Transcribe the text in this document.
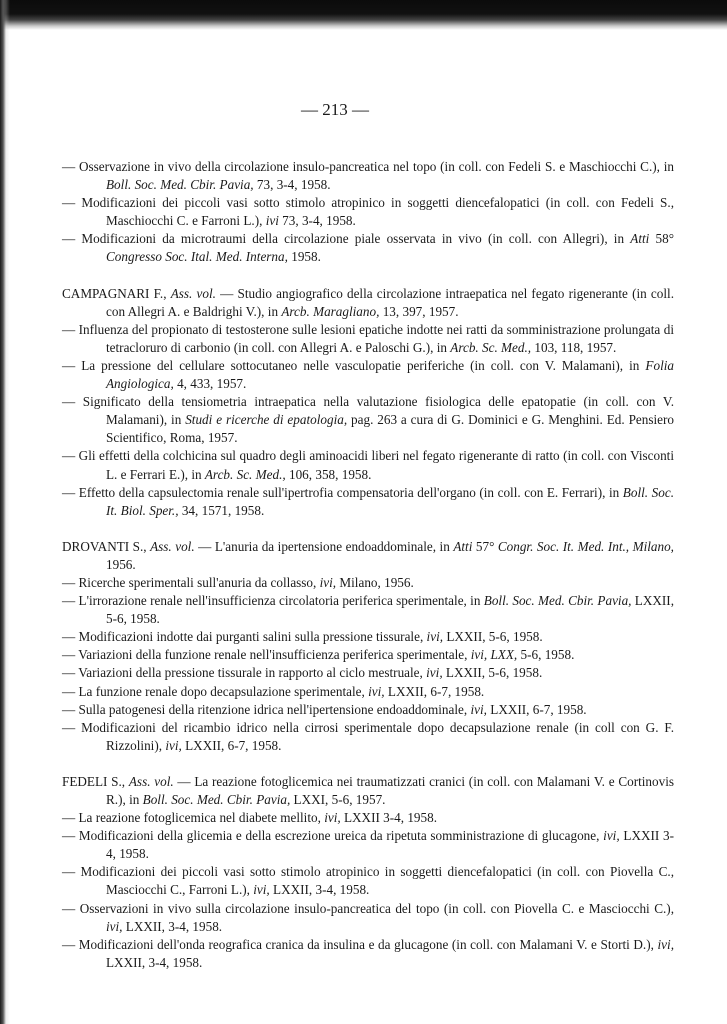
— 213 —
— Osservazione in vivo della circolazione insulo-pancreatica nel topo (in coll. con Fedeli S. e Maschiocchi C.), in Boll. Soc. Med. Cbir. Pavia, 73, 3-4, 1958.
— Modificazioni dei piccoli vasi sotto stimolo atropinico in soggetti diencefalopatici (in coll. con Fedeli S., Maschiocchi C. e Farroni L.), ivi 73, 3-4, 1958.
— Modificazioni da microtraumi della circolazione piale osservata in vivo (in coll. con Allegri), in Atti 58° Congresso Soc. Ital. Med. Interna, 1958.
CAMPAGNARI F., Ass. vol. — Studio angiografico della circolazione intraepatica nel fegato rigenerante (in coll. con Allegri A. e Baldrighi V.), in Arcb. Maragliano, 13, 397, 1957.
— Influenza del propionato di testosterone sulle lesioni epatiche indotte nei ratti da somministrazione prolungata di tetracloruro di carbonio (in coll. con Allegri A. e Paloschi G.), in Arcb. Sc. Med., 103, 118, 1957.
— La pressione del cellulare sottocutaneo nelle vasculopatie periferiche (in coll. con V. Malamani), in Folia Angiologica, 4, 433, 1957.
— Significato della tensiometria intraepatica nella valutazione fisiologica delle epatopatie (in coll. con V. Malamani), in Studi e ricerche di epatologia, pag. 263 a cura di G. Dominici e G. Menghini. Ed. Pensiero Scientifico, Roma, 1957.
— Gli effetti della colchicina sul quadro degli aminoacidi liberi nel fegato rigenerante di ratto (in coll. con Visconti L. e Ferrari E.), in Arcb. Sc. Med., 106, 358, 1958.
— Effetto della capsulectomia renale sull'ipertrofia compensatoria dell'organo (in coll. con E. Ferrari), in Boll. Soc. It. Biol. Sper., 34, 1571, 1958.
DROVANTI S., Ass. vol. — L'anuria da ipertensione endoaddominale, in Atti 57° Congr. Soc. It. Med. Int., Milano, 1956.
— Ricerche sperimentali sull'anuria da collasso, ivi, Milano, 1956.
— L'irrorazione renale nell'insufficienza circolatoria periferica sperimentale, in Boll. Soc. Med. Cbir. Pavia, LXXII, 5-6, 1958.
— Modificazioni indotte dai purganti salini sulla pressione tissurale, ivi, LXXII, 5-6, 1958.
— Variazioni della funzione renale nell'insufficienza periferica sperimentale, ivi, LXX, 5-6, 1958.
— Variazioni della pressione tissurale in rapporto al ciclo mestruale, ivi, LXXII, 5-6, 1958.
— La funzione renale dopo decapsulazione sperimentale, ivi, LXXII, 6-7, 1958.
— Sulla patogenesi della ritenzione idrica nell'ipertensione endoaddominale, ivi, LXXII, 6-7, 1958.
— Modificazioni del ricambio idrico nella cirrosi sperimentale dopo decapsulazione renale (in coll con G. F. Rizzolini), ivi, LXXII, 6-7, 1958.
FEDELI S., Ass. vol. — La reazione fotoglicemica nei traumatizzati cranici (in coll. con Malamani V. e Cortinovis R.), in Boll. Soc. Med. Cbir. Pavia, LXXI, 5-6, 1957.
— La reazione fotoglicemica nel diabete mellito, ivi, LXXII 3-4, 1958.
— Modificazioni della glicemia e della escrezione ureica da ripetuta somministrazione di glucagone, ivi, LXXII 3-4, 1958.
— Modificazioni dei piccoli vasi sotto stimolo atropinico in soggetti diencefalopatici (in coll. con Piovella C., Masciocchi C., Farroni L.), ivi, LXXII, 3-4, 1958.
— Osservazioni in vivo sulla circolazione insulo-pancreatica del topo (in coll. con Piovella C. e Masciocchi C.), ivi, LXXII, 3-4, 1958.
— Modificazioni dell'onda reografica cranica da insulina e da glucagone (in coll. con Malamani V. e Storti D.), ivi, LXXII, 3-4, 1958.
